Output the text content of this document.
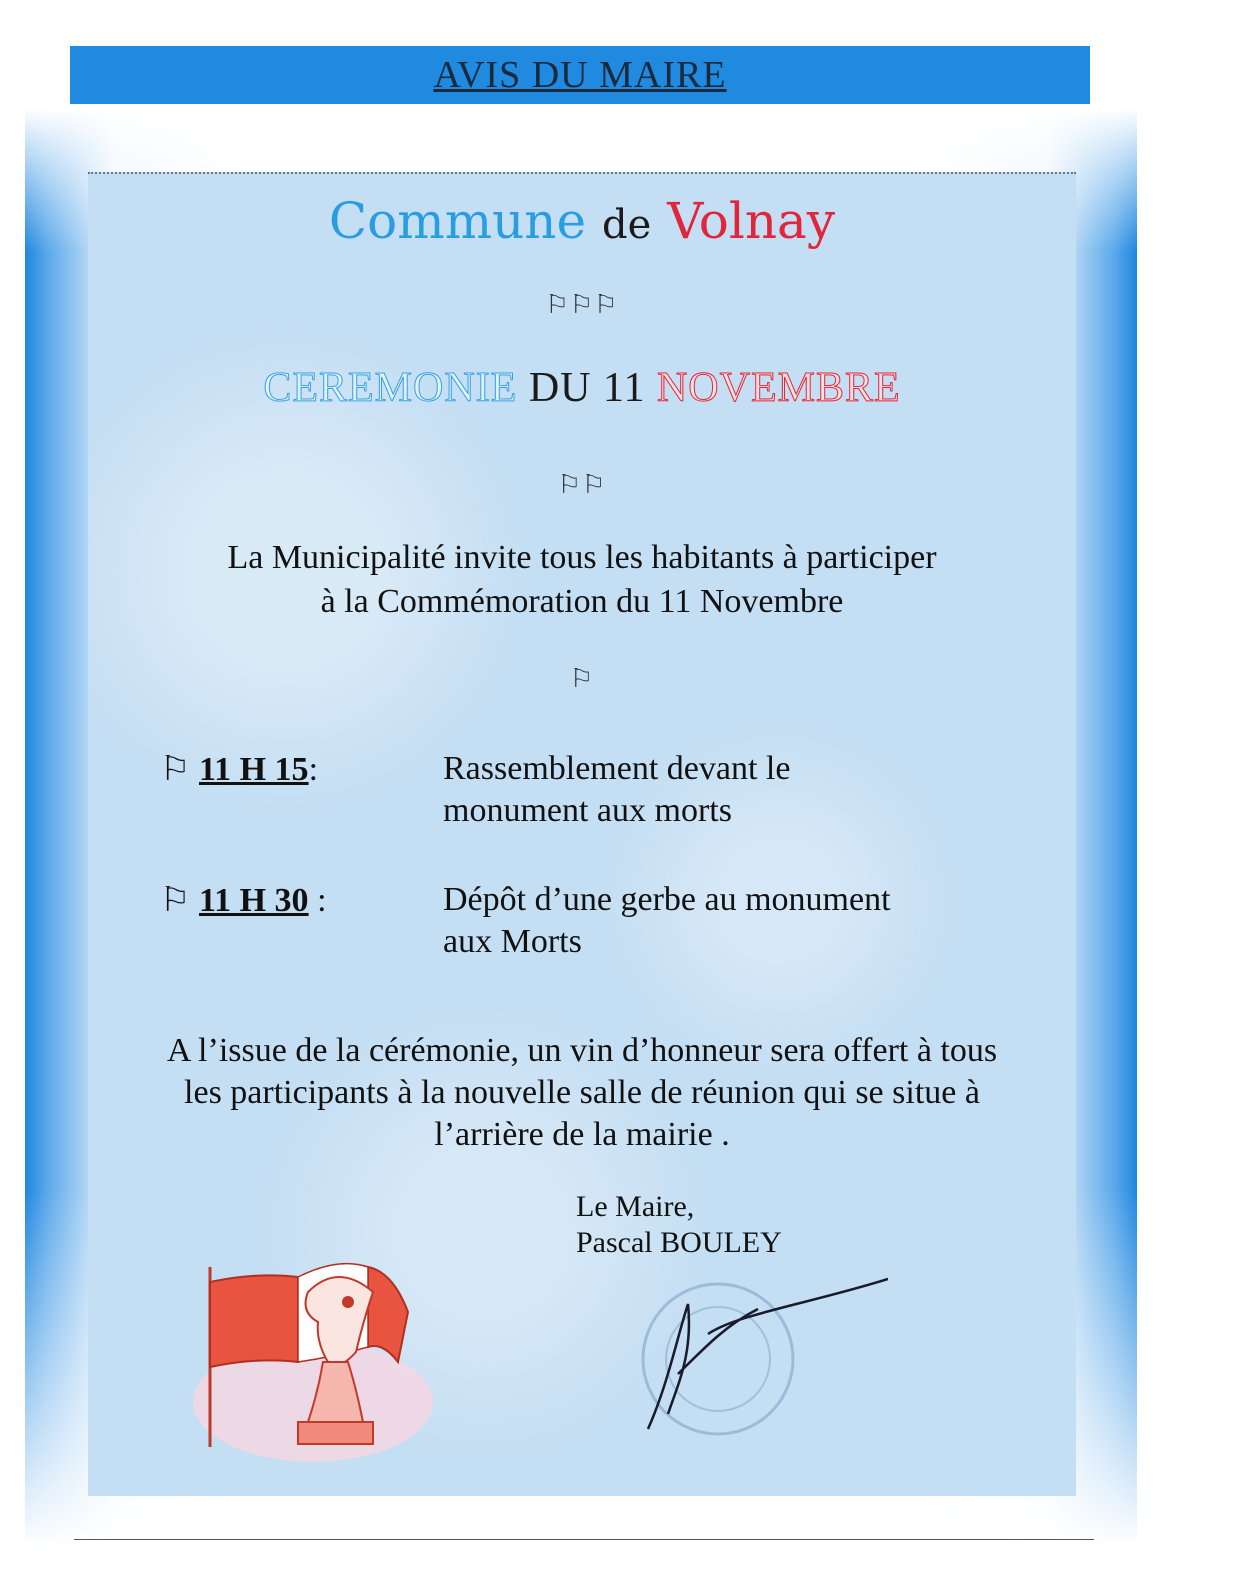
AVIS DU MAIRE
Commune de Volnay
⚐⚐⚐
CEREMONIE DU 11 NOVEMBRE
⚐⚐
La Municipalité invite tous les habitants à participer
à la Commémoration du 11 Novembre
⚐
⚐ 11 H 15:	Rassemblement devant le
monument aux morts
⚐ 11 H 30 :	Dépôt d’une gerbe au monument
aux Morts
A l’issue de la cérémonie, un vin d’honneur sera offert à tous
les participants à la nouvelle salle de réunion qui se situe à
l’arrière de la mairie .
Le Maire,
Pascal BOULEY
